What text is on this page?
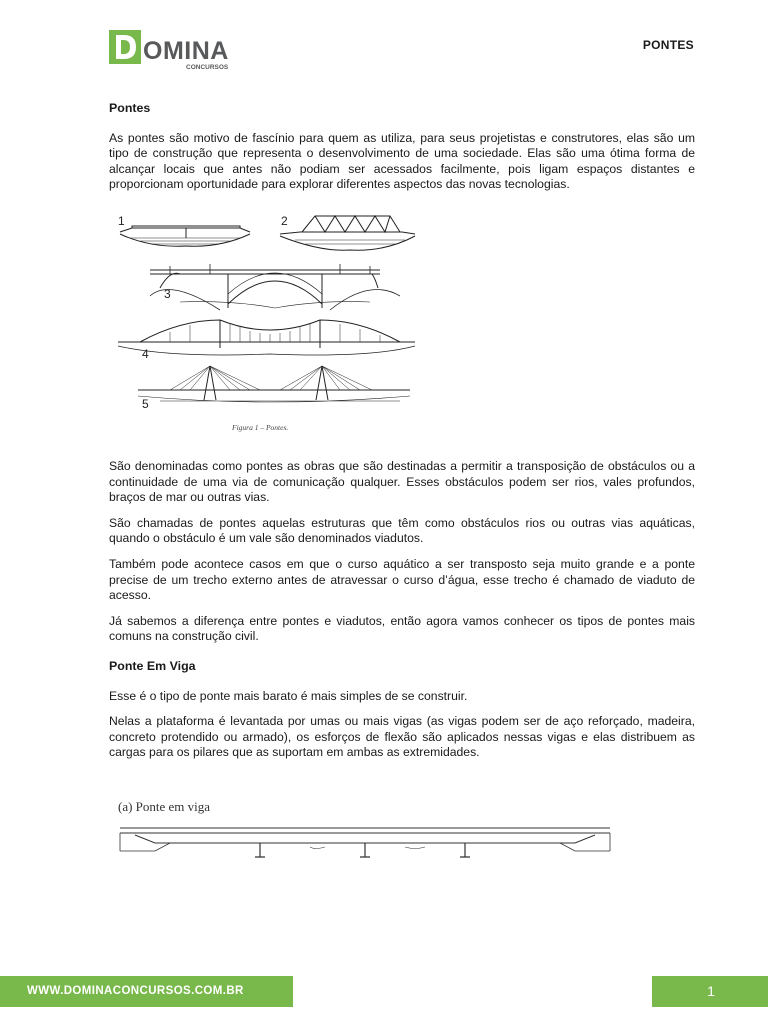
OMINA
CONCURSOS
PONTES
Pontes

As pontes são motivo de fascínio para quem as utiliza, para seus projetistas e construtores, elas são um tipo de construção que representa o desenvolvimento de uma sociedade. Elas são uma ótima forma de alcançar locais que antes não podiam ser acessados facilmente, pois ligam espaços distantes e proporcionam oportunidade para explorar diferentes aspectos das novas tecnologias.

1	2
3
4
5
Figura 1 – Pontes.

São denominadas como pontes as obras que são destinadas a permitir a transposição de obstáculos ou a continuidade de uma via de comunicação qualquer. Esses obstáculos podem ser rios, vales profundos, braços de mar ou outras vias.

São chamadas de pontes aquelas estruturas que têm como obstáculos rios ou outras vias aquáticas, quando o obstáculo é um vale são denominados viadutos.

Também pode acontece casos em que o curso aquático a ser transposto seja muito grande e a ponte precise de um trecho externo antes de atravessar o curso d’água, esse trecho é chamado de viaduto de acesso.

Já sabemos a diferença entre pontes e viadutos, então agora vamos conhecer os tipos de pontes mais comuns na construção civil.

Ponte Em Viga

Esse é o tipo de ponte mais barato é mais simples de se construir.

Nelas a plataforma é levantada por umas ou mais vigas (as vigas podem ser de aço reforçado, madeira, concreto protendido ou armado), os esforços de flexão são aplicados nessas vigas e elas distribuem as cargas para os pilares que as suportam em ambas as extremidades.

(a) Ponte em viga
WWW.DOMINACONCURSOS.COM.BR	1
